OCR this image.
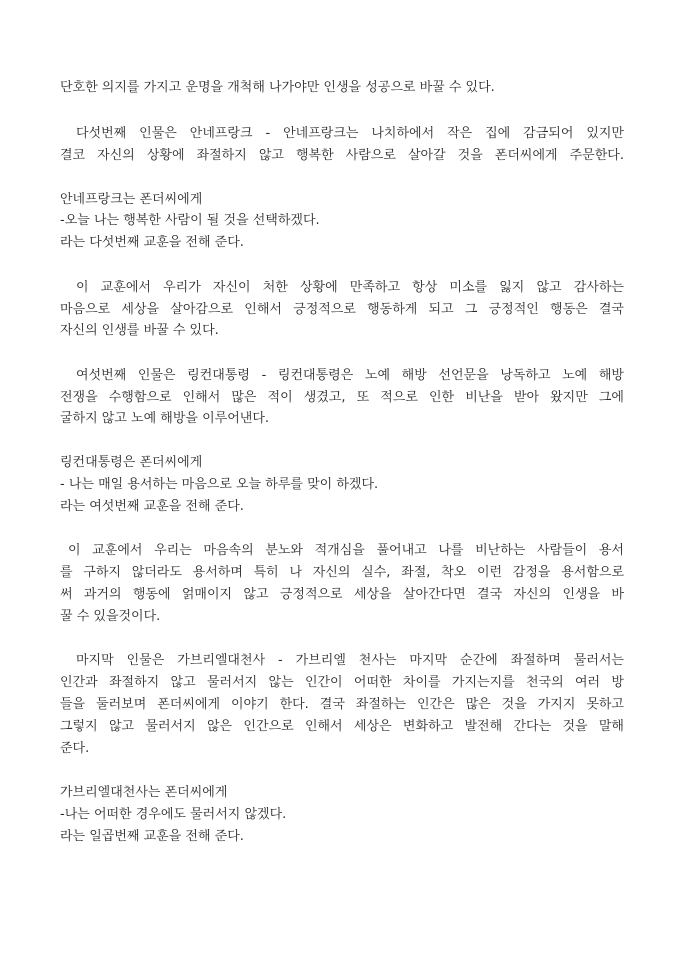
단호한 의지를 가지고 운명을 개척해 나가야만 인생을 성공으로 바꿀 수 있다.
다섯번째 인물은 안네프랑크 - 안네프랑크는 나치하에서 작은 집에 감금되어 있지만
결코 자신의 상황에 좌절하지 않고 행복한 사람으로 살아갈 것을 폰더씨에게 주문한다.
안네프랑크는 폰더씨에게
-오늘 나는 행복한 사람이 될 것을 선택하겠다.
라는 다섯번째 교훈을 전해 준다.
이 교훈에서 우리가 자신이 처한 상황에 만족하고 항상 미소를 잃지 않고 감사하는
마음으로 세상을 살아감으로 인해서 긍정적으로 행동하게 되고 그 긍정적인 행동은 결국
자신의 인생를 바꿀 수 있다.
여섯번째 인물은 링컨대통령 - 링컨대통령은 노예 해방 선언문을 낭독하고 노예 해방
전쟁을 수행함으로 인해서 많은 적이 생겼고, 또 적으로 인한 비난을 받아 왔지만 그에
굴하지 않고 노예 해방을 이루어낸다.
링컨대통령은 폰더씨에게
- 나는 매일 용서하는 마음으로 오늘 하루를 맞이 하겠다.
라는 여섯번째 교훈을 전해 준다.
이 교훈에서 우리는 마음속의 분노와 적개심을 풀어내고 나를 비난하는 사람들이 용서
를 구하지 않더라도 용서하며 특히 나 자신의 실수, 좌절, 착오 이런 감정을 용서함으로
써 과거의 행동에 얽매이지 않고 긍정적으로 세상을 살아간다면 결국 자신의 인생을 바
꿀 수 있을것이다.
마지막 인물은 가브리엘대천사 - 가브리엘 천사는 마지막 순간에 좌절하며 물러서는
인간과 좌절하지 않고 물러서지 않는 인간이 어떠한 차이를 가지는지를 천국의 여러 방
들을 둘러보며 폰더씨에게 이야기 한다. 결국 좌절하는 인간은 많은 것을 가지지 못하고
그렇지 않고 물러서지 않은 인간으로 인해서 세상은 변화하고 발전해 간다는 것을 말해
준다.
가브리엘대천사는 폰더씨에게
-나는 어떠한 경우에도 물러서지 않겠다.
라는 일곱번째 교훈을 전해 준다.
